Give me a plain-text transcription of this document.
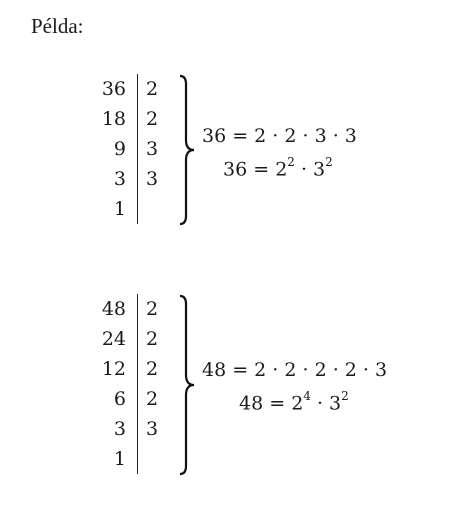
Példa:
36	2
18	2
9	3
3	3
1	
36 = 2 · 2 · 3 · 3
$36 = 2^2 \cdot 3^2$
48	2
24	2
12	2
6	2
3	3
1	
48 = 2 · 2 · 2 · 2 · 3
$48 = 2^4 \cdot 3^2$
